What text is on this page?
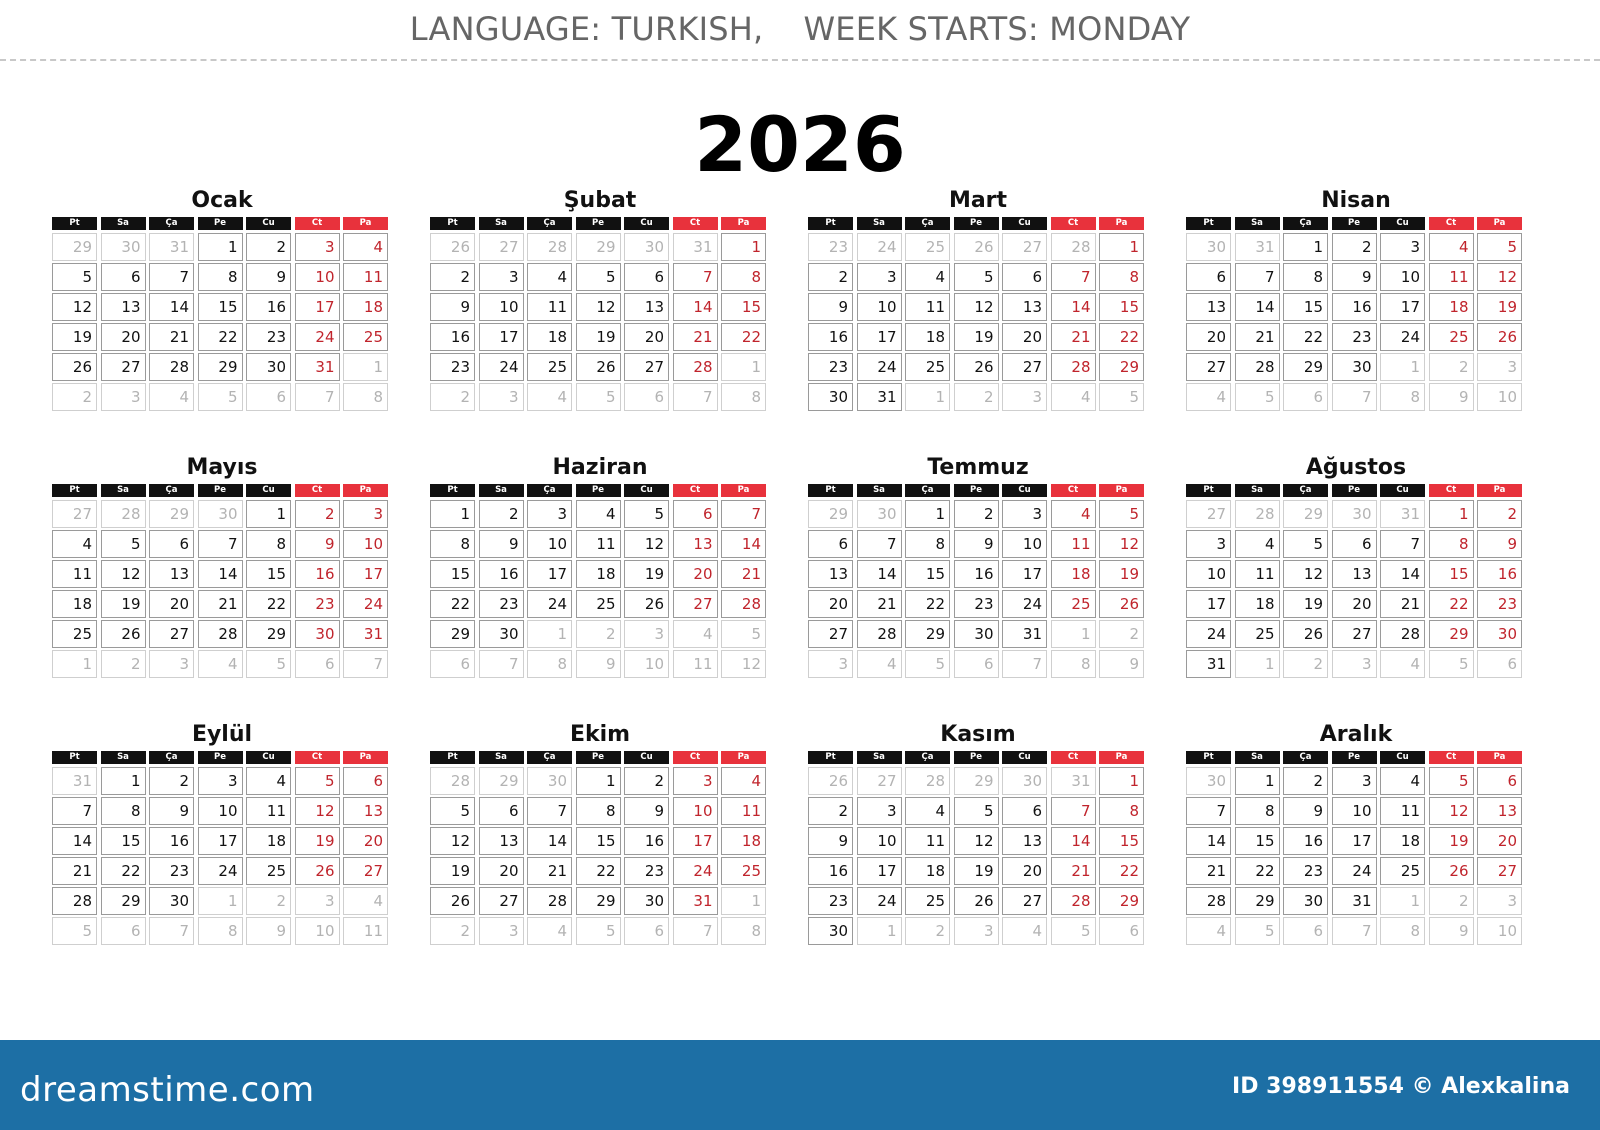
LANGUAGE: TURKISH, WEEK STARTS: MONDAY
2026
Ocak
Pt	Sa	Ça	Pe	Cu	Ct	Pa
29	30	31	1	2	3	4
5	6	7	8	9	10	11
12	13	14	15	16	17	18
19	20	21	22	23	24	25
26	27	28	29	30	31	1
2	3	4	5	6	7	8
Şubat
Pt	Sa	Ça	Pe	Cu	Ct	Pa
26	27	28	29	30	31	1
2	3	4	5	6	7	8
9	10	11	12	13	14	15
16	17	18	19	20	21	22
23	24	25	26	27	28	1
2	3	4	5	6	7	8
Mart
Pt	Sa	Ça	Pe	Cu	Ct	Pa
23	24	25	26	27	28	1
2	3	4	5	6	7	8
9	10	11	12	13	14	15
16	17	18	19	20	21	22
23	24	25	26	27	28	29
30	31	1	2	3	4	5
Nisan
Pt	Sa	Ça	Pe	Cu	Ct	Pa
30	31	1	2	3	4	5
6	7	8	9	10	11	12
13	14	15	16	17	18	19
20	21	22	23	24	25	26
27	28	29	30	1	2	3
4	5	6	7	8	9	10
Mayıs
Pt	Sa	Ça	Pe	Cu	Ct	Pa
27	28	29	30	1	2	3
4	5	6	7	8	9	10
11	12	13	14	15	16	17
18	19	20	21	22	23	24
25	26	27	28	29	30	31
1	2	3	4	5	6	7
Haziran
Pt	Sa	Ça	Pe	Cu	Ct	Pa
1	2	3	4	5	6	7
8	9	10	11	12	13	14
15	16	17	18	19	20	21
22	23	24	25	26	27	28
29	30	1	2	3	4	5
6	7	8	9	10	11	12
Temmuz
Pt	Sa	Ça	Pe	Cu	Ct	Pa
29	30	1	2	3	4	5
6	7	8	9	10	11	12
13	14	15	16	17	18	19
20	21	22	23	24	25	26
27	28	29	30	31	1	2
3	4	5	6	7	8	9
Ağustos
Pt	Sa	Ça	Pe	Cu	Ct	Pa
27	28	29	30	31	1	2
3	4	5	6	7	8	9
10	11	12	13	14	15	16
17	18	19	20	21	22	23
24	25	26	27	28	29	30
31	1	2	3	4	5	6
Eylül
Pt	Sa	Ça	Pe	Cu	Ct	Pa
31	1	2	3	4	5	6
7	8	9	10	11	12	13
14	15	16	17	18	19	20
21	22	23	24	25	26	27
28	29	30	1	2	3	4
5	6	7	8	9	10	11
Ekim
Pt	Sa	Ça	Pe	Cu	Ct	Pa
28	29	30	1	2	3	4
5	6	7	8	9	10	11
12	13	14	15	16	17	18
19	20	21	22	23	24	25
26	27	28	29	30	31	1
2	3	4	5	6	7	8
Kasım
Pt	Sa	Ça	Pe	Cu	Ct	Pa
26	27	28	29	30	31	1
2	3	4	5	6	7	8
9	10	11	12	13	14	15
16	17	18	19	20	21	22
23	24	25	26	27	28	29
30	1	2	3	4	5	6
Aralık
Pt	Sa	Ça	Pe	Cu	Ct	Pa
30	1	2	3	4	5	6
7	8	9	10	11	12	13
14	15	16	17	18	19	20
21	22	23	24	25	26	27
28	29	30	31	1	2	3
4	5	6	7	8	9	10
dreamstime.com	ID 398911554 © Alexkalina
